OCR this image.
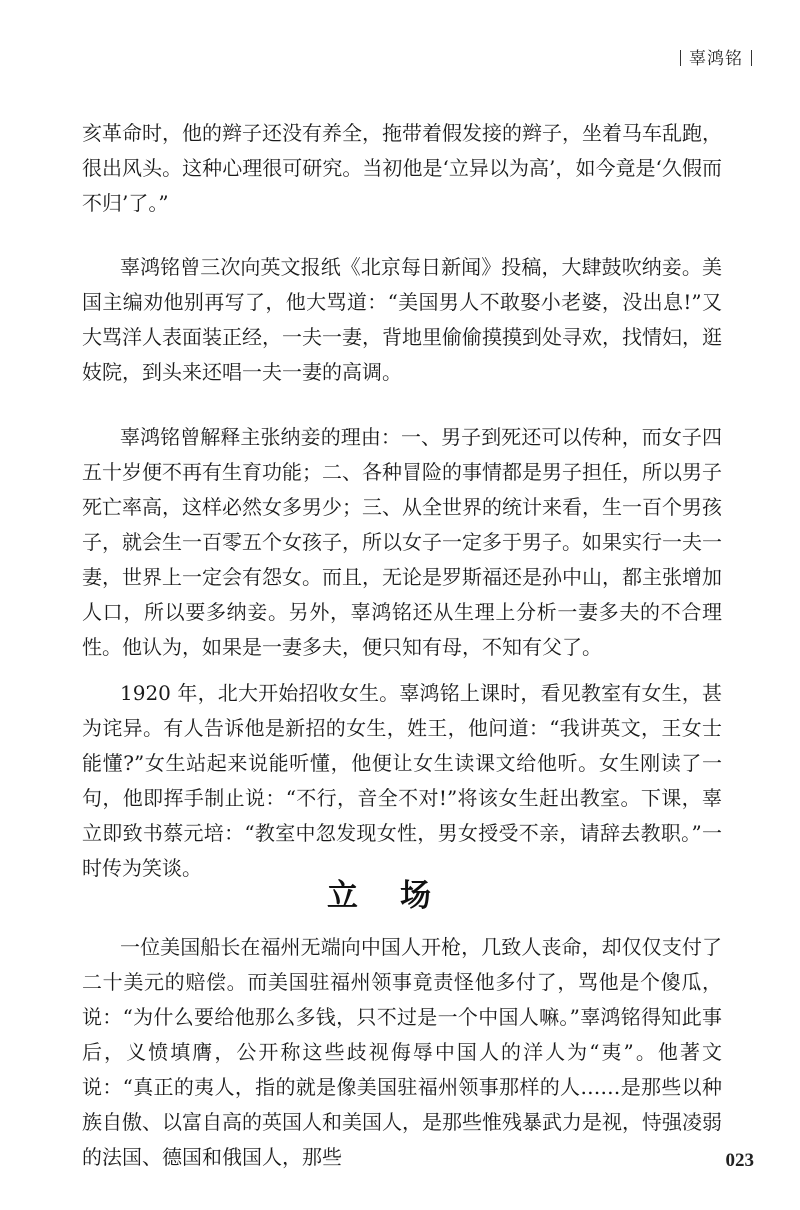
辜鸿铭

亥革命时，他的辫子还没有养全，拖带着假发接的辫子，坐着马车乱跑，很出风头。这种心理很可研究。当初他是‘立异以为高’，如今竟是‘久假而不归’了。”

辜鸿铭曾三次向英文报纸《北京每日新闻》投稿，大肆鼓吹纳妾。美国主编劝他别再写了，他大骂道：“美国男人不敢娶小老婆，没出息!”又大骂洋人表面装正经，一夫一妻，背地里偷偷摸摸到处寻欢，找情妇，逛妓院，到头来还唱一夫一妻的高调。

辜鸿铭曾解释主张纳妾的理由：一、男子到死还可以传种，而女子四五十岁便不再有生育功能；二、各种冒险的事情都是男子担任，所以男子死亡率高，这样必然女多男少；三、从全世界的统计来看，生一百个男孩子，就会生一百零五个女孩子，所以女子一定多于男子。如果实行一夫一妻，世界上一定会有怨女。而且，无论是罗斯福还是孙中山，都主张增加人口，所以要多纳妾。另外，辜鸿铭还从生理上分析一妻多夫的不合理性。他认为，如果是一妻多夫，便只知有母，不知有父了。

1920 年，北大开始招收女生。辜鸿铭上课时，看见教室有女生，甚为诧异。有人告诉他是新招的女生，姓王，他问道：“我讲英文，王女士能懂?”女生站起来说能听懂，他便让女生读课文给他听。女生刚读了一句，他即挥手制止说：“不行，音全不对!”将该女生赶出教室。下课，辜立即致书蔡元培：“教室中忽发现女性，男女授受不亲，请辞去教职。”一时传为笑谈。

立场

一位美国船长在福州无端向中国人开枪，几致人丧命，却仅仅支付了二十美元的赔偿。而美国驻福州领事竟责怪他多付了，骂他是个傻瓜，说：“为什么要给他那么多钱，只不过是一个中国人嘛。”辜鸿铭得知此事后，义愤填膺，公开称这些歧视侮辱中国人的洋人为“夷”。他著文说：“真正的夷人，指的就是像美国驻福州领事那样的人……是那些以种族自傲、以富自高的英国人和美国人，是那些惟残暴武力是视，恃强凌弱的法国、德国和俄国人，那些	023
